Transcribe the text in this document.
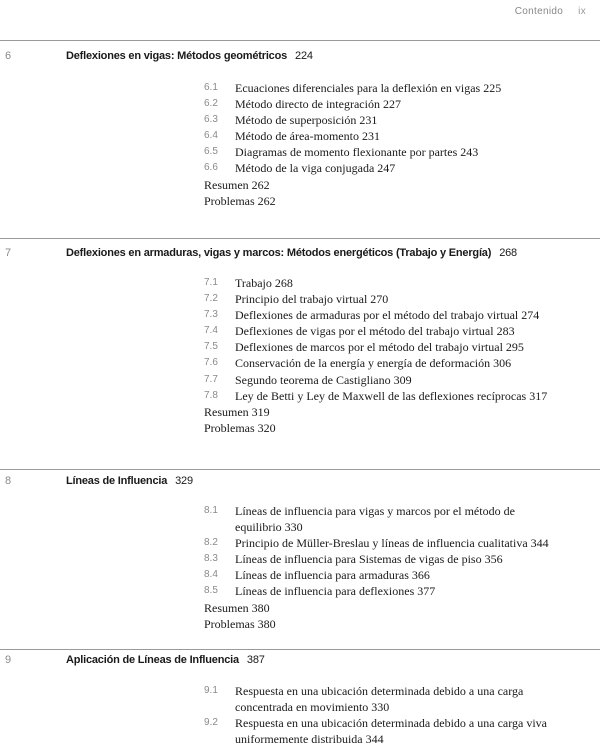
Contenido ix
6	Deflexiones en vigas: Métodos geométricos 224
6.1 Ecuaciones diferenciales para la deflexión en vigas 225
6.2 Método directo de integración 227
6.3 Método de superposición 231
6.4 Método de área-momento 231
6.5 Diagramas de momento flexionante por partes 243
6.6 Método de la viga conjugada 247
Resumen 262
Problemas 262
7	Deflexiones en armaduras, vigas y marcos: Métodos energéticos (Trabajo y Energía) 268
7.1 Trabajo 268
7.2 Principio del trabajo virtual 270
7.3 Deflexiones de armaduras por el método del trabajo virtual 274
7.4 Deflexiones de vigas por el método del trabajo virtual 283
7.5 Deflexiones de marcos por el método del trabajo virtual 295
7.6 Conservación de la energía y energía de deformación 306
7.7 Segundo teorema de Castigliano 309
7.8 Ley de Betti y Ley de Maxwell de las deflexiones recíprocas 317
Resumen 319
Problemas 320
8	Líneas de Influencia 329
8.1 Líneas de influencia para vigas y marcos por el método de equilibrio 330
8.2 Principio de Müller-Breslau y líneas de influencia cualitativa 344
8.3 Líneas de influencia para Sistemas de vigas de piso 356
8.4 Líneas de influencia para armaduras 366
8.5 Líneas de influencia para deflexiones 377
Resumen 380
Problemas 380
9	Aplicación de Líneas de Influencia 387
9.1 Respuesta en una ubicación determinada debido a una carga concentrada en movimiento 330
9.2 Respuesta en una ubicación determinada debido a una carga viva uniformemente distribuida 344
